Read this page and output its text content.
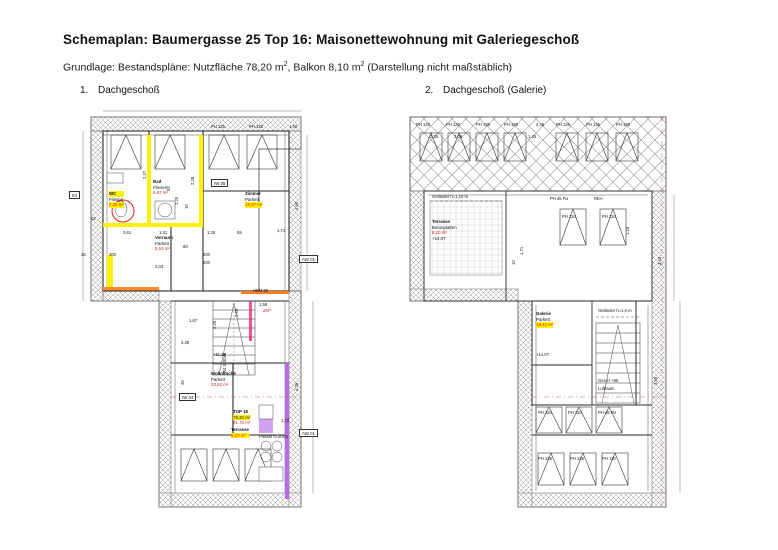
Schemaplan: Baumergasse 25 Top 16: Maisonettewohnung mit Galeriegeschoß
Grundlage: Bestandspläne: Nutzfläche 78,20 $m^2$, Balkon 8,10 $m^2$ (Darstellung nicht maßstäblich)
1. Dachgeschoß	2. Dachgeschoß (Galerie)
PH 135	PH 135	1,00
4,60
1,71
2,37
2,28
1,25	59
3,61	1,31
200	200
80
200
15
HEM 90
2KP
1,58
2,20
3,36
+11,22
49
R4 S Stark
4,26
1,72
Podest h=20cm
92
2,20
10
2,60
1,67
WC
Fliesen
2,35 m²
Bad
Fliesen
5,87 m²
Vorraum
Parkett
5,53 m²
Zimmer
Parkett
18,37 m²
Wohnküche
Parkett
23,52 m²
TOP 16
78,20 m²
81,72 m²
Terrasse
8,10 m²
IW 05
AW 01
IW 04
AW 01
04
02
2,03
PH 135	PH 135	PH 135	PH 135	PH 135	PH 135	PH 135
PH 135	PH 135	PH 110
PH 110	PH 110
PH 110	PH 110	PH 45 Fix
PH 45 Fix	REA
Geländer h=1,10 m
Geländer h=1,0 m
Ges.H +90
Luftraum
+14,07
3,65
3,43
2,45
1,45
2,35	3,08
1,71
1,18
10
Terrasse
Betonplatten
8,10 m²
+14,07
Galerie
Parkett
19,42 m²
